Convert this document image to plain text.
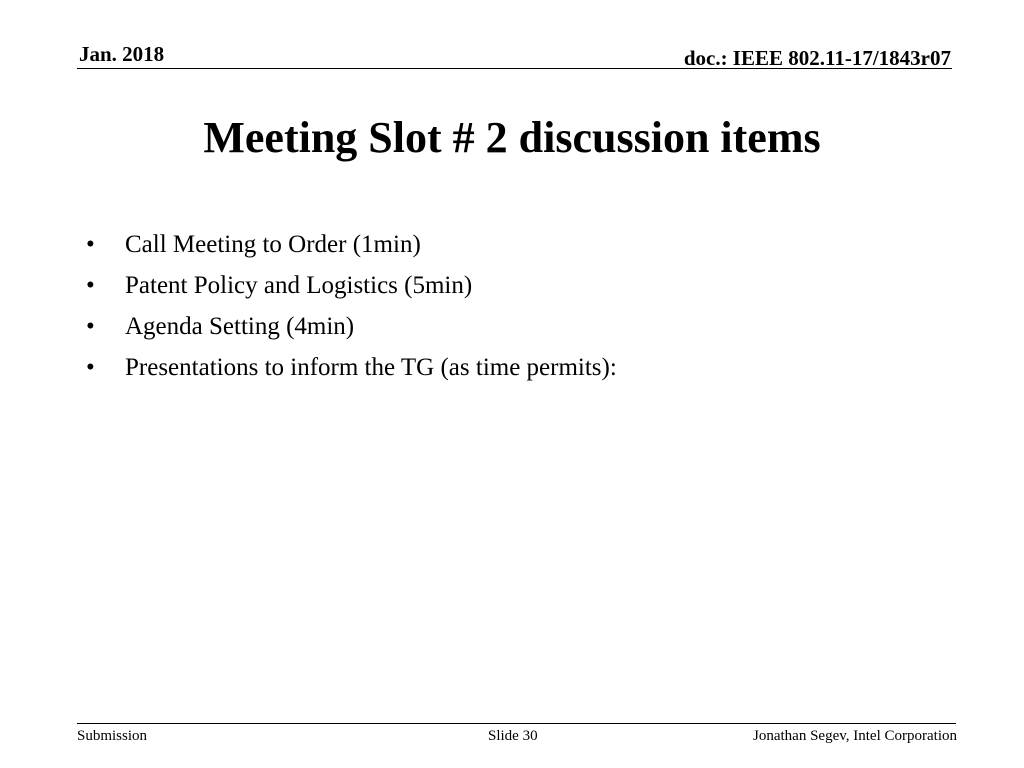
Jan. 2018	doc.: IEEE 802.11-17/1843r07
Meeting Slot # 2 discussion items
•	Call Meeting to Order (1min)
•	Patent Policy and Logistics (5min)
•	Agenda Setting (4min)
•	Presentations to inform the TG (as time permits):
Submission	Slide 30	Jonathan Segev, Intel Corporation
